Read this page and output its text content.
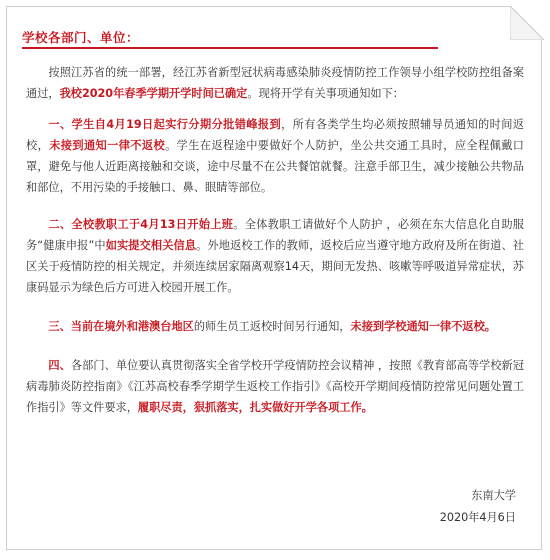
学校各部门、单位：

按照江苏省的统一部署，经江苏省新型冠状病毒感染肺炎疫情防控工作领导小组学校防控组备案通过，我校2020年春季学期开学时间已确定。现将开学有关事项通知如下：

一、学生自4月19日起实行分期分批错峰报到，所有各类学生均必须按照辅导员通知的时间返校，未接到通知一律不返校。学生在返程途中要做好个人防护，坐公共交通工具时，应全程佩戴口罩，避免与他人近距离接触和交谈，途中尽量不在公共餐馆就餐。注意手部卫生，减少接触公共物品和部位，不用污染的手接触口、鼻、眼睛等部位。

二、全校教职工于4月13日开始上班。全体教职工请做好个人防护 ，必须在东大信息化自助服务“健康申报”中如实提交相关信息。外地返校工作的教师，返校后应当遵守地方政府及所在街道、社区关于疫情防控的相关规定，并须连续居家隔离观察14天，期间无发热、咳嗽等呼吸道异常症状，苏康码显示为绿色后方可进入校园开展工作。

三、当前在境外和港澳台地区的师生员工返校时间另行通知，未接到学校通知一律不返校。

四、各部门、单位要认真贯彻落实全省学校开学疫情防控会议精神 ，按照《教育部高等学校新冠病毒肺炎防控指南》《江苏高校春季学期学生返校工作指引》《高校开学期间疫情防控常见问题处置工作指引》等文件要求，履职尽责，狠抓落实，扎实做好开学各项工作。

东南大学
2020年4月6日
